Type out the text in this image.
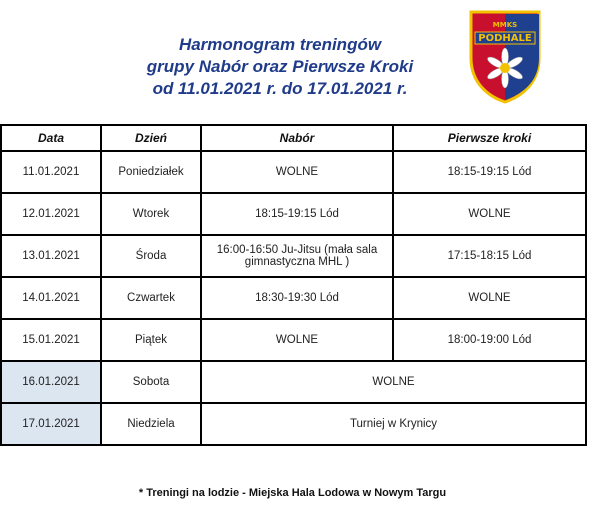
Harmonogram treningów
grupy Nabór oraz Pierwsze Kroki
od 11.01.2021 r. do 17.01.2021 r.
MMKS
PODHALE
Data	Dzień	Nabór	Pierwsze kroki
11.01.2021	Poniedziałek	WOLNE	18:15-19:15 Lód
12.01.2021	Wtorek	18:15-19:15 Lód	WOLNE
13.01.2021	Środa	16:00-16:50 Ju-Jitsu (mała sala
gimnastyczna MHL )	17:15-18:15 Lód
14.01.2021	Czwartek	18:30-19:30 Lód	WOLNE
15.01.2021	Piątek	WOLNE	18:00-19:00 Lód
16.01.2021	Sobota	WOLNE	
17.01.2021	Niedziela	Turniej w Krynicy	
* Treningi na lodzie - Miejska Hala Lodowa w Nowym Targu
